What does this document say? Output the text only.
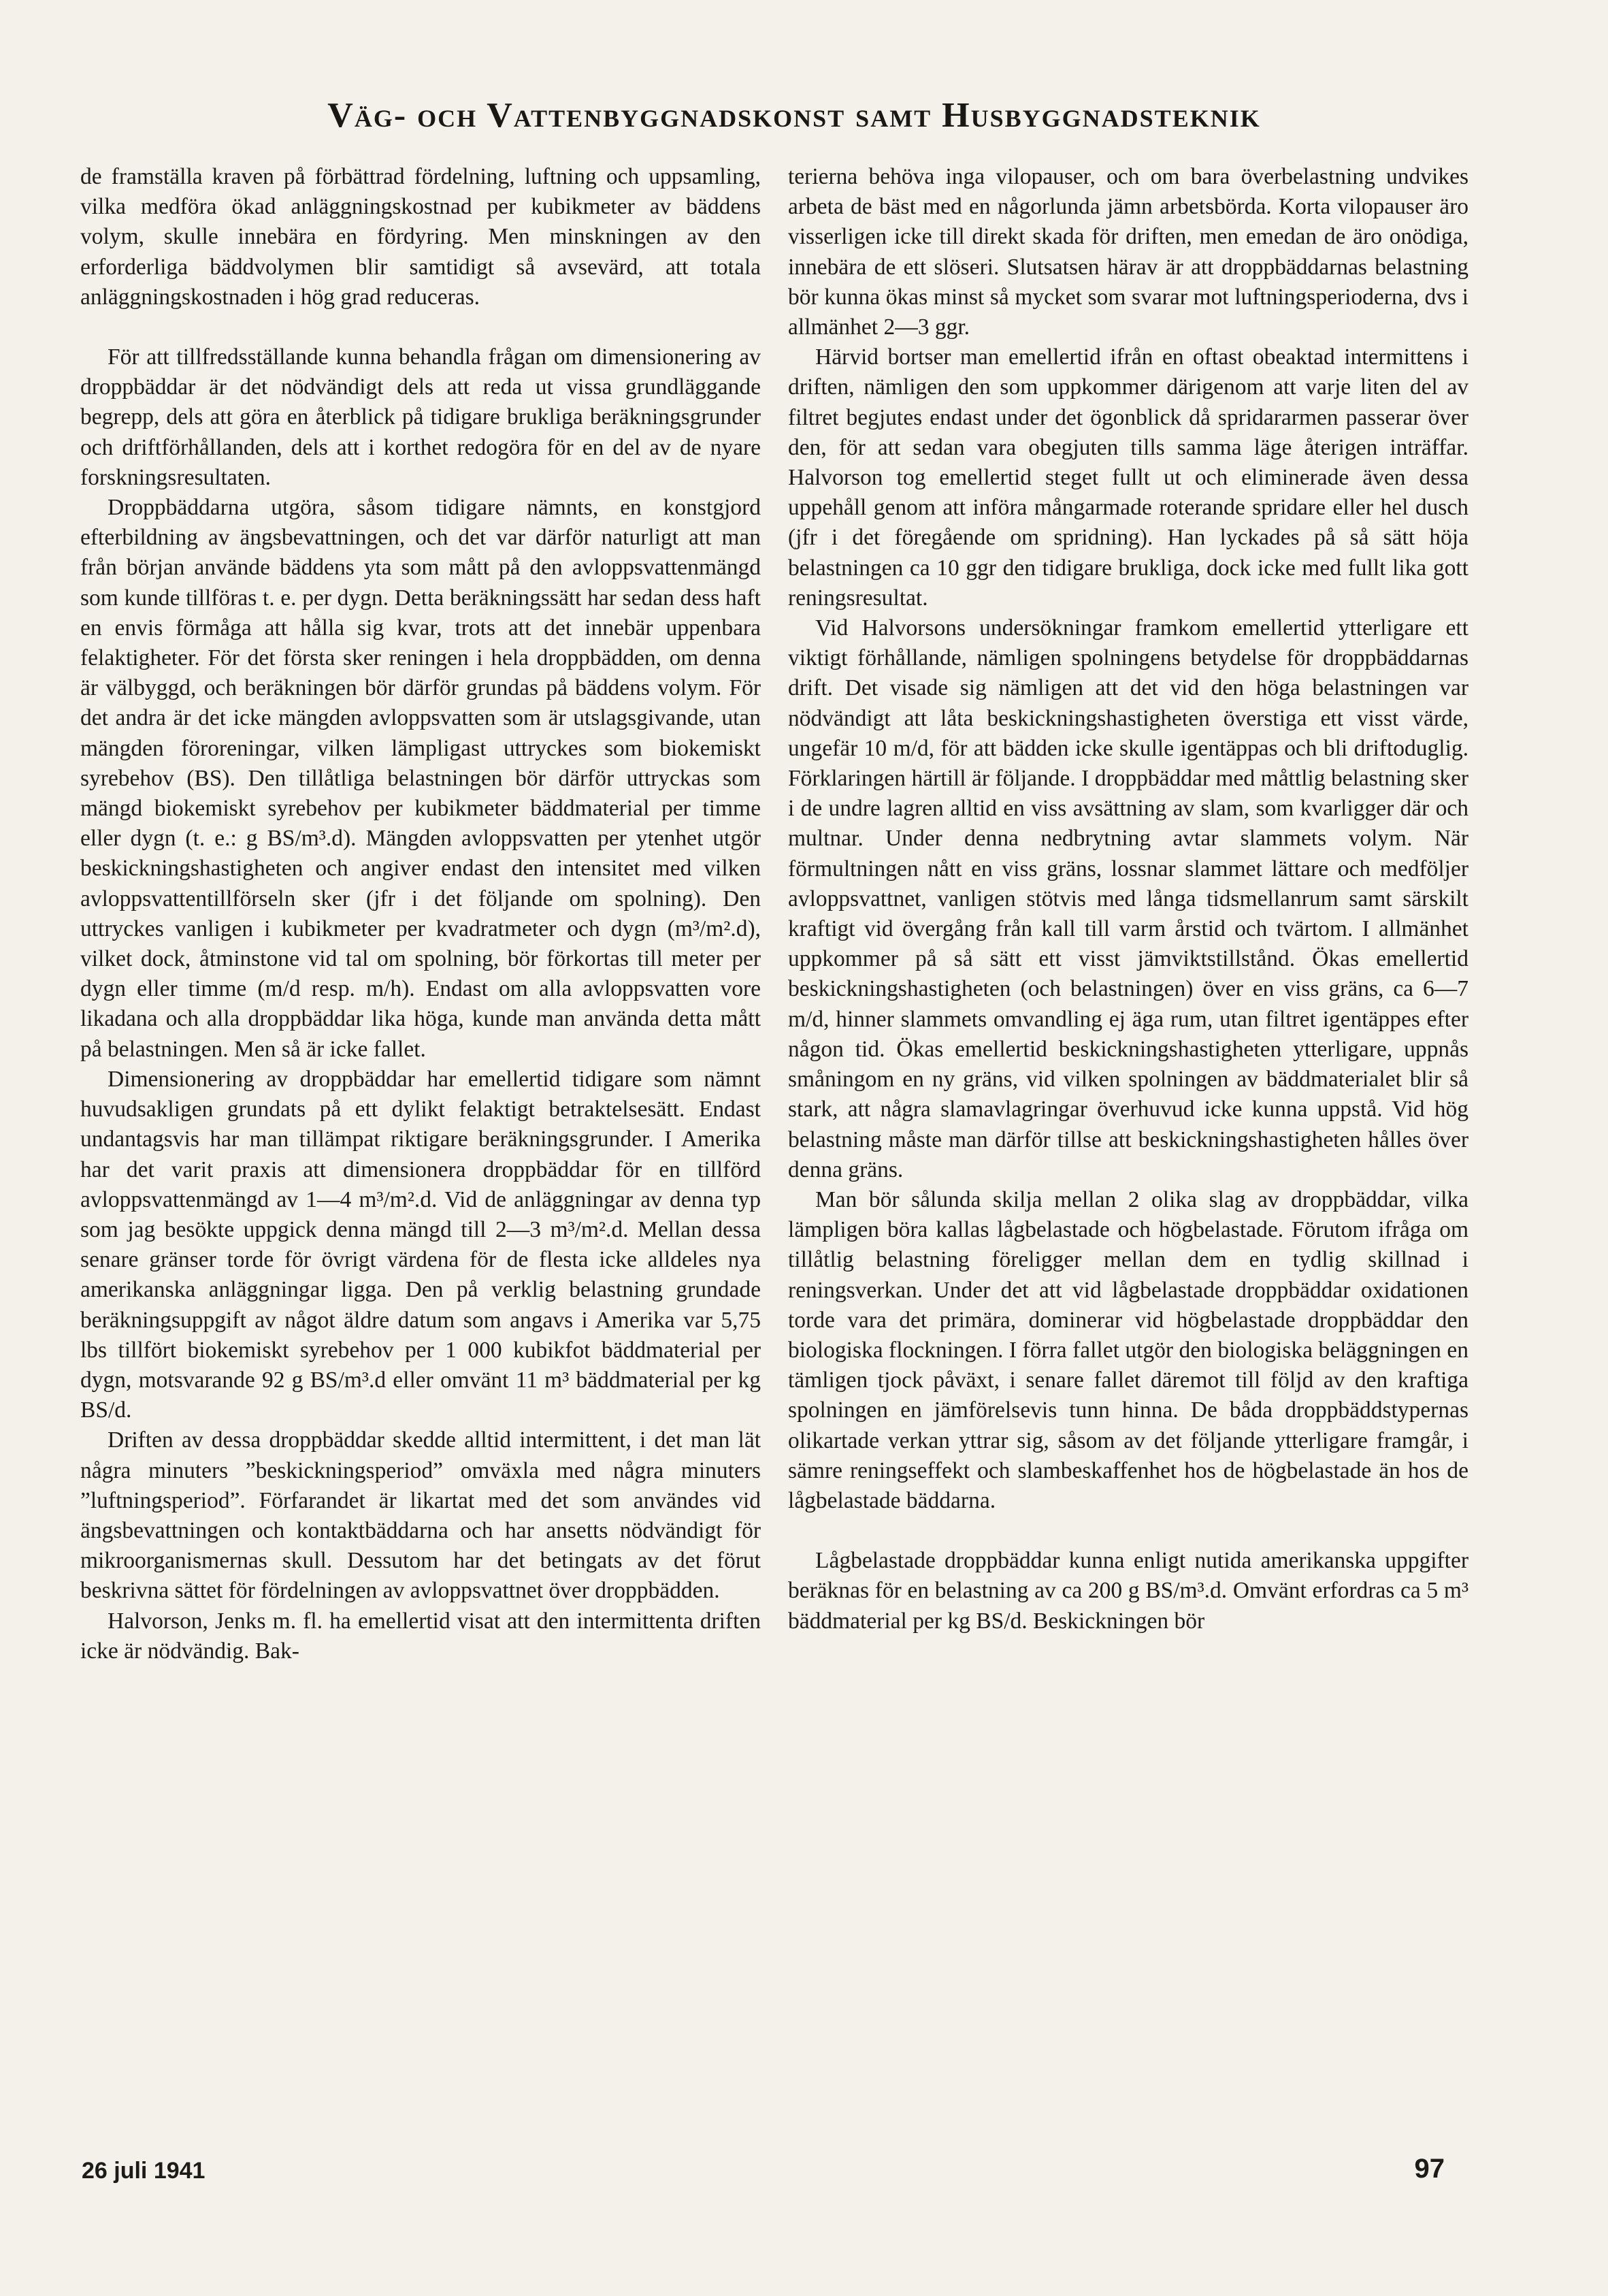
Väg- och Vattenbyggnadskonst samt Husbyggnadsteknik

de framställa kraven på förbättrad fördelning, luftning och uppsamling, vilka medföra ökad anläggningskostnad per kubikmeter av bäddens volym, skulle innebära en fördyring. Men minskningen av den erforderliga bäddvolymen blir samtidigt så avsevärd, att totala anläggningskostnaden i hög grad reduceras.

För att tillfredsställande kunna behandla frågan om dimensionering av droppbäddar är det nödvändigt dels att reda ut vissa grundläggande begrepp, dels att göra en återblick på tidigare brukliga beräkningsgrunder och driftförhållanden, dels att i korthet redogöra för en del av de nyare forskningsresultaten.

Droppbäddarna utgöra, såsom tidigare nämnts, en konstgjord efterbildning av ängsbevattningen, och det var därför naturligt att man från början använde bäddens yta som mått på den avloppsvattenmängd som kunde tillföras t. e. per dygn. Detta beräkningssätt har sedan dess haft en envis förmåga att hålla sig kvar, trots att det innebär uppenbara felaktigheter. För det första sker reningen i hela droppbädden, om denna är välbyggd, och beräkningen bör därför grundas på bäddens volym. För det andra är det icke mängden avloppsvatten som är utslagsgivande, utan mängden föroreningar, vilken lämpligast uttryckes som biokemiskt syrebehov (BS). Den tillåtliga belastningen bör därför uttryckas som mängd biokemiskt syrebehov per kubikmeter bäddmaterial per timme eller dygn (t. e.: g BS/m³.d). Mängden avloppsvatten per ytenhet utgör beskickningshastigheten och angiver endast den intensitet med vilken avloppsvattentillförseln sker (jfr i det följande om spolning). Den uttryckes vanligen i kubikmeter per kvadratmeter och dygn (m³/m².d), vilket dock, åtminstone vid tal om spolning, bör förkortas till meter per dygn eller timme (m/d resp. m/h). Endast om alla avloppsvatten vore likadana och alla droppbäddar lika höga, kunde man använda detta mått på belastningen. Men så är icke fallet.

Dimensionering av droppbäddar har emellertid tidigare som nämnt huvudsakligen grundats på ett dylikt felaktigt betraktelsesätt. Endast undantagsvis har man tillämpat riktigare beräkningsgrunder. I Amerika har det varit praxis att dimensionera droppbäddar för en tillförd avloppsvattenmängd av 1—4 m³/m².d. Vid de anläggningar av denna typ som jag besökte uppgick denna mängd till 2—3 m³/m².d. Mellan dessa senare gränser torde för övrigt värdena för de flesta icke alldeles nya amerikanska anläggningar ligga. Den på verklig belastning grundade beräkningsuppgift av något äldre datum som angavs i Amerika var 5,75 lbs tillfört biokemiskt syrebehov per 1 000 kubikfot bäddmaterial per dygn, motsvarande 92 g BS/m³.d eller omvänt 11 m³ bäddmaterial per kg BS/d.

Driften av dessa droppbäddar skedde alltid intermittent, i det man lät några minuters ”beskickningsperiod” omväxla med några minuters ”luftningsperiod”. Förfarandet är likartat med det som användes vid ängsbevattningen och kontaktbäddarna och har ansetts nödvändigt för mikroorganismernas skull. Dessutom har det betingats av det förut beskrivna sättet för fördelningen av avloppsvattnet över droppbädden.

Halvorson, Jenks m. fl. ha emellertid visat att den intermittenta driften icke är nödvändig. Bak-

terierna behöva inga vilopauser, och om bara överbelastning undvikes arbeta de bäst med en någorlunda jämn arbetsbörda. Korta vilopauser äro visserligen icke till direkt skada för driften, men emedan de äro onödiga, innebära de ett slöseri. Slutsatsen härav är att droppbäddarnas belastning bör kunna ökas minst så mycket som svarar mot luftningsperioderna, dvs i allmänhet 2—3 ggr.

Härvid bortser man emellertid ifrån en oftast obeaktad intermittens i driften, nämligen den som uppkommer därigenom att varje liten del av filtret begjutes endast under det ögonblick då spridararmen passerar över den, för att sedan vara obegjuten tills samma läge återigen inträffar. Halvorson tog emellertid steget fullt ut och eliminerade även dessa uppehåll genom att införa mångarmade roterande spridare eller hel dusch (jfr i det föregående om spridning). Han lyckades på så sätt höja belastningen ca 10 ggr den tidigare brukliga, dock icke med fullt lika gott reningsresultat.

Vid Halvorsons undersökningar framkom emellertid ytterligare ett viktigt förhållande, nämligen spolningens betydelse för droppbäddarnas drift. Det visade sig nämligen att det vid den höga belastningen var nödvändigt att låta beskickningshastigheten överstiga ett visst värde, ungefär 10 m/d, för att bädden icke skulle igentäppas och bli driftoduglig. Förklaringen härtill är följande. I droppbäddar med måttlig belastning sker i de undre lagren alltid en viss avsättning av slam, som kvarligger där och multnar. Under denna nedbrytning avtar slammets volym. När förmultningen nått en viss gräns, lossnar slammet lättare och medföljer avloppsvattnet, vanligen stötvis med långa tidsmellanrum samt särskilt kraftigt vid övergång från kall till varm årstid och tvärtom. I allmänhet uppkommer på så sätt ett visst jämviktstillstånd. Ökas emellertid beskickningshastigheten (och belastningen) över en viss gräns, ca 6—7 m/d, hinner slammets omvandling ej äga rum, utan filtret igentäppes efter någon tid. Ökas emellertid beskickningshastigheten ytterligare, uppnås småningom en ny gräns, vid vilken spolningen av bäddmaterialet blir så stark, att några slamavlagringar överhuvud icke kunna uppstå. Vid hög belastning måste man därför tillse att beskickningshastigheten hålles över denna gräns.

Man bör sålunda skilja mellan 2 olika slag av droppbäddar, vilka lämpligen böra kallas lågbelastade och högbelastade. Förutom ifråga om tillåtlig belastning föreligger mellan dem en tydlig skillnad i reningsverkan. Under det att vid lågbelastade droppbäddar oxidationen torde vara det primära, dominerar vid högbelastade droppbäddar den biologiska flockningen. I förra fallet utgör den biologiska beläggningen en tämligen tjock påväxt, i senare fallet däremot till följd av den kraftiga spolningen en jämförelsevis tunn hinna. De båda droppbäddstypernas olikartade verkan yttrar sig, såsom av det följande ytterligare framgår, i sämre reningseffekt och slambeskaffenhet hos de högbelastade än hos de lågbelastade bäddarna.

Lågbelastade droppbäddar kunna enligt nutida amerikanska uppgifter beräknas för en belastning av ca 200 g BS/m³.d. Omvänt erfordras ca 5 m³ bäddmaterial per kg BS/d. Beskickningen bör

26 juli 1941	97
